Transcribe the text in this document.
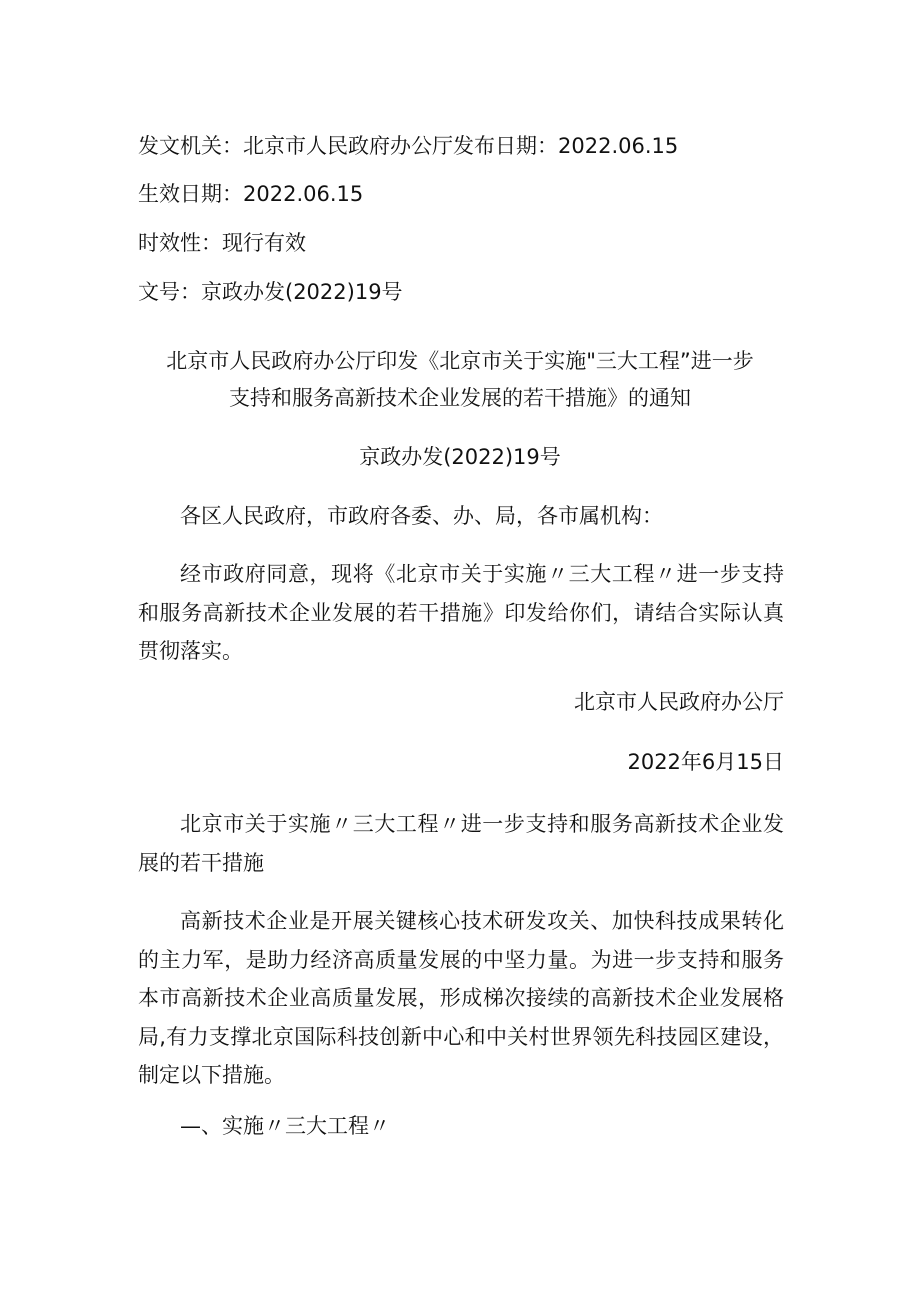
发文机关：北京市人民政府办公厅发布日期：2022.06.15

生效日期：2022.06.15

时效性：现行有效

文号：京政办发(2022)19号

北京市人民政府办公厅印发《北京市关于实施"三大工程”进一步

支持和服务高新技术企业发展的若干措施》的通知

京政办发(2022)19号

各区人民政府，市政府各委、办、局，各市属机构：

经市政府同意，现将《北京市关于实施〃三大工程〃进一步支持和服务高新技术企业发展的若干措施》印发给你们，请结合实际认真贯彻落实。

北京市人民政府办公厅

2022年6月15日

北京市关于实施〃三大工程〃进一步支持和服务高新技术企业发展的若干措施

高新技术企业是开展关键核心技术研发攻关、加快科技成果转化的主力军，是助力经济高质量发展的中坚力量。为进一步支持和服务本市高新技术企业高质量发展，形成梯次接续的高新技术企业发展格局,有力支撑北京国际科技创新中心和中关村世界领先科技园区建设，制定以下措施。

—、实施〃三大工程〃
